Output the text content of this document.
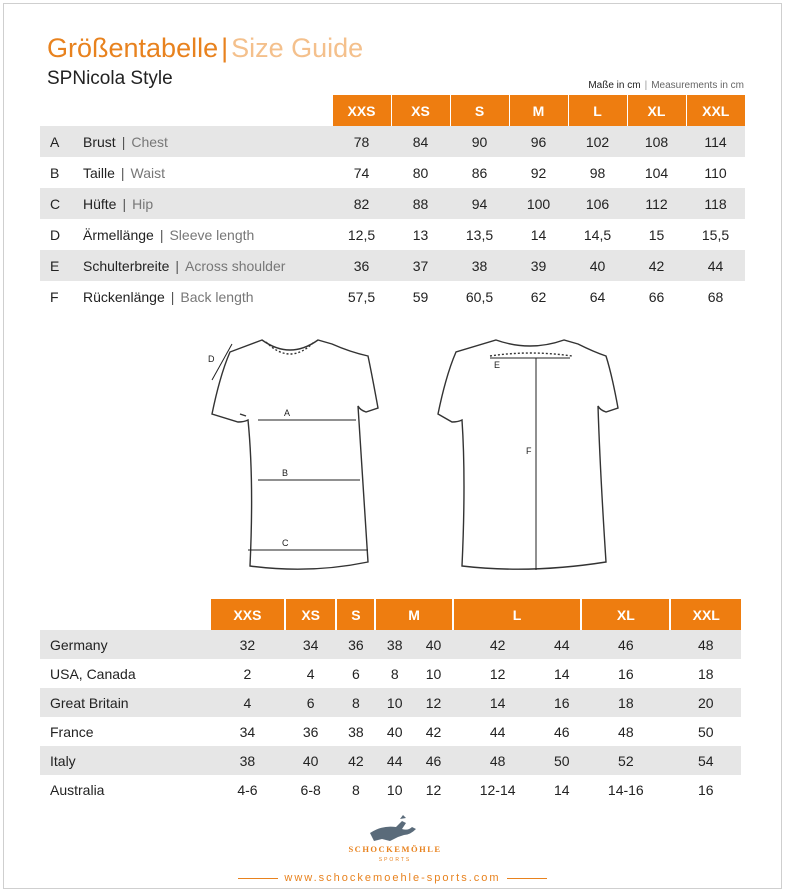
Größentabelle | Size Guide
SPNicola Style	Maße in cm | Measurements in cm
		XXS	XS	S	M	L	XL	XXL
A	Brust | Chest	78	84	90	96	102	108	114
B	Taille | Waist	74	80	86	92	98	104	110
C	Hüfte | Hip	82	88	94	100	106	112	118
D	Ärmellänge | Sleeve length	12,5	13	13,5	14	14,5	15	15,5
E	Schulterbreite | Across shoulder	36	37	38	39	40	42	44
F	Rückenlänge | Back length	57,5	59	60,5	62	64	66	68
A
B
C
D
E
F
	XXS	XS	S	M		L		XL	XXL
Germany	32	34	36	38	40	42	44	46	48
USA, Canada	2	4	6	8	10	12	14	16	18
Great Britain	4	6	8	10	12	14	16	18	20
France	34	36	38	40	42	44	46	48	50
Italy	38	40	42	44	46	48	50	52	54
Australia	4-6	6-8	8	10	12	12-14	14	14-16	16
SCHOCKEMÖHLE
SPORTS
www.schockemoehle-sports.com
